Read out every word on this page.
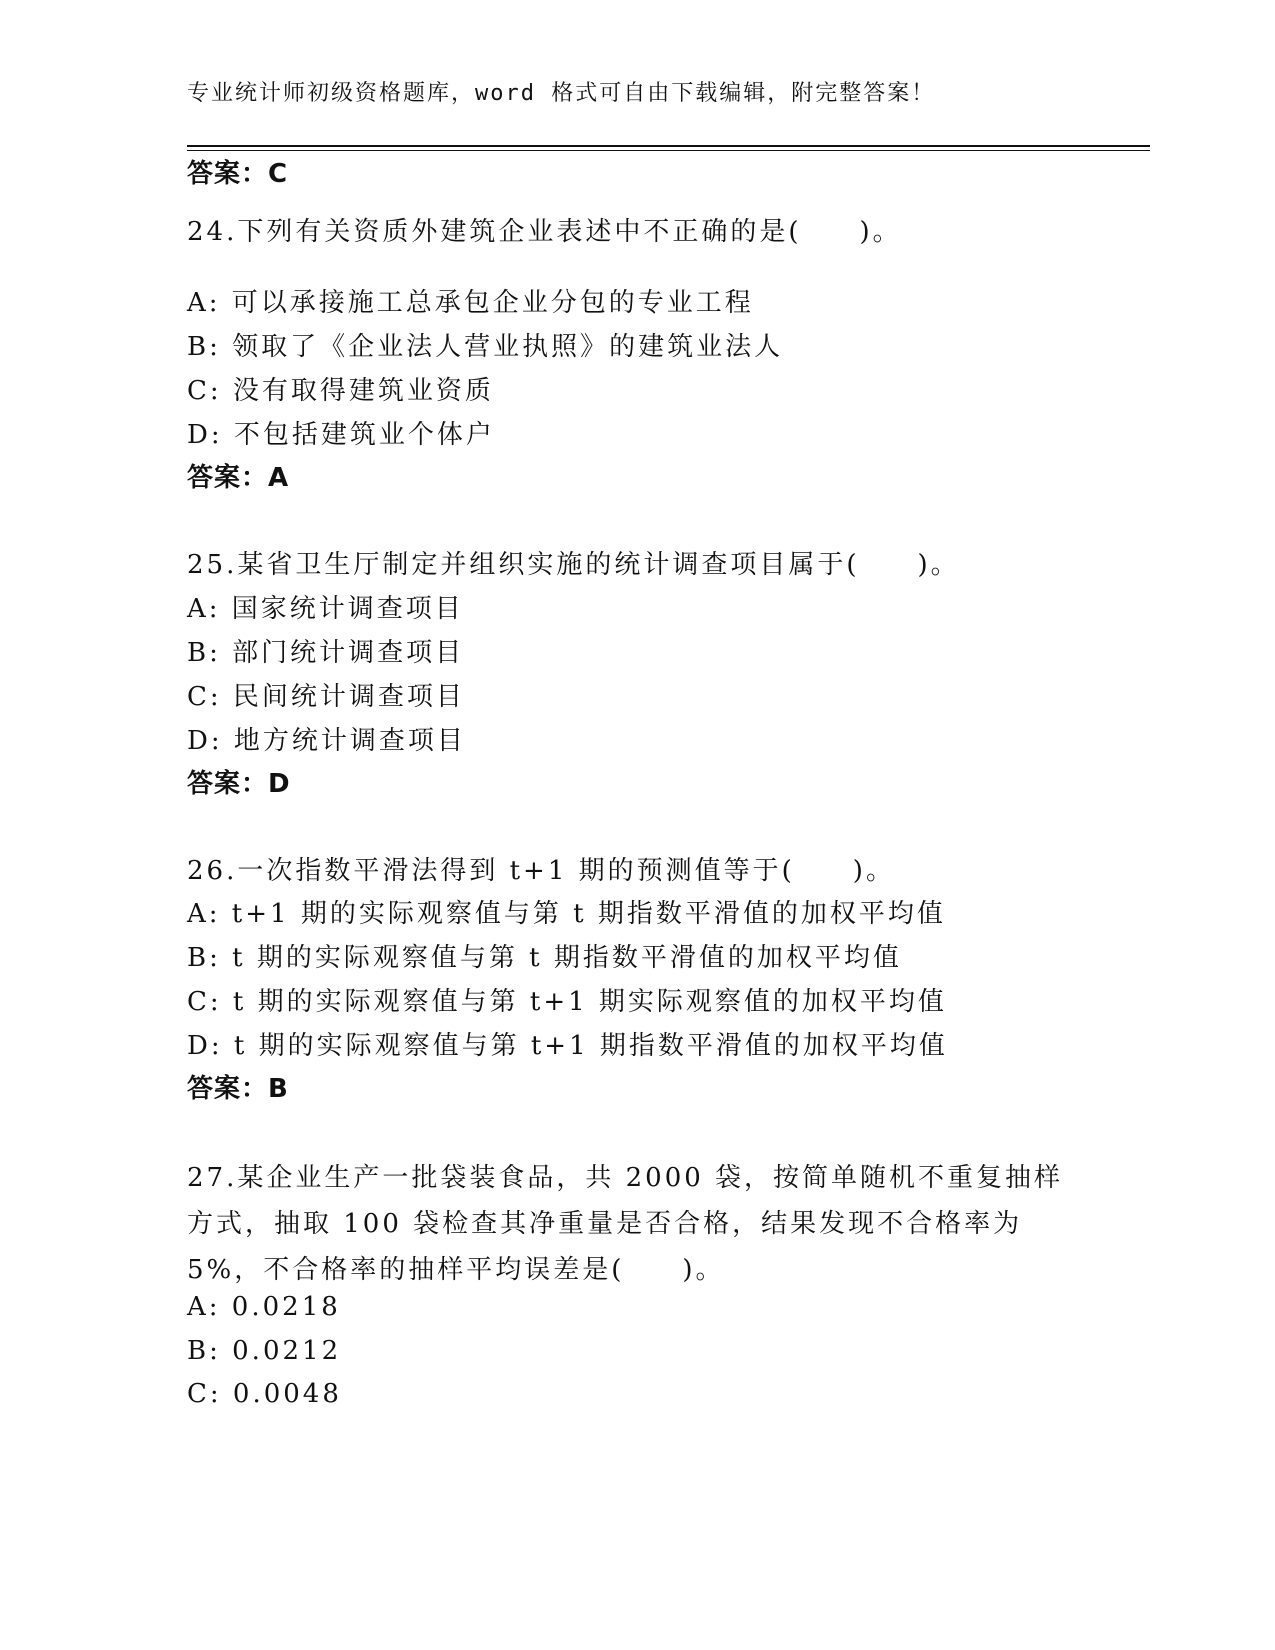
专业统计师初级资格题库，word 格式可自由下载编辑，附完整答案！
答案：C
24.下列有关资质外建筑企业表述中不正确的是(　　)。
A: 可以承接施工总承包企业分包的专业工程
B: 领取了《企业法人营业执照》的建筑业法人
C: 没有取得建筑业资质
D: 不包括建筑业个体户
答案：A
25.某省卫生厅制定并组织实施的统计调查项目属于(　　)。
A: 国家统计调查项目
B: 部门统计调查项目
C: 民间统计调查项目
D: 地方统计调查项目
答案：D
26.一次指数平滑法得到 t+1 期的预测值等于(　　)。
A: t+1 期的实际观察值与第 t 期指数平滑值的加权平均值
B: t 期的实际观察值与第 t 期指数平滑值的加权平均值
C: t 期的实际观察值与第 t+1 期实际观察值的加权平均值
D: t 期的实际观察值与第 t+1 期指数平滑值的加权平均值
答案：B
27.某企业生产一批袋装食品，共 2000 袋，按简单随机不重复抽样方式，抽取 100 袋检查其净重量是否合格，结果发现不合格率为 5%，不合格率的抽样平均误差是(　　)。
A: 0.0218
B: 0.0212
C: 0.0048
